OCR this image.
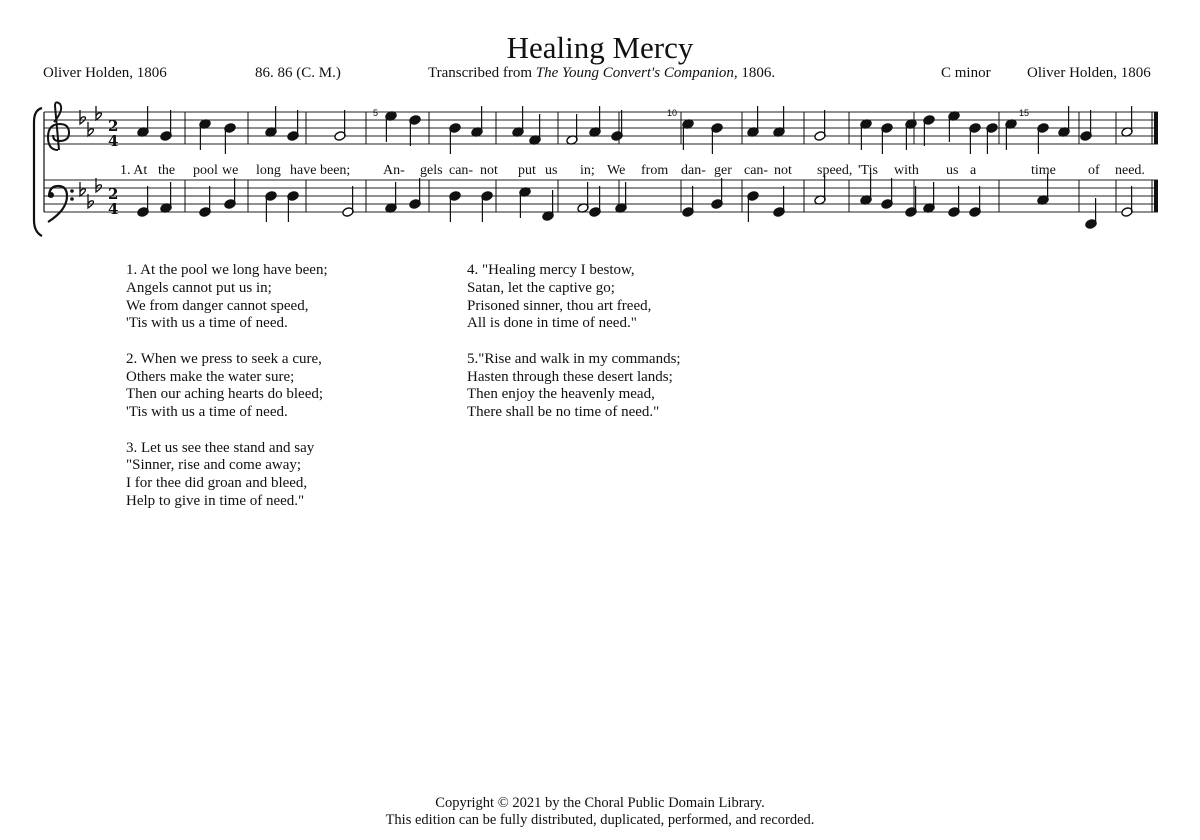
Healing Mercy
Oliver Holden, 1806	86. 86 (C. M.)	Transcribed from The Young Convert's Companion, 1806.	C minor Oliver Holden, 1806
2
4
2
4
5	10	15
1. At the pool we long have been; An- gels can- not put us in; We from dan- ger can- not speed, 'Tis with us a	time of need.
1. At the pool we long have been;
Angels cannot put us in;
We from danger cannot speed,
'Tis with us a time of need.
2. When we press to seek a cure,
Others make the water sure;
Then our aching hearts do bleed;
'Tis with us a time of need.
3. Let us see thee stand and say
"Sinner, rise and come away;
I for thee did groan and bleed,
Help to give in time of need."
4. "Healing mercy I bestow,
Satan, let the captive go;
Prisoned sinner, thou art freed,
All is done in time of need."
5."Rise and walk in my commands;
Hasten through these desert lands;
Then enjoy the heavenly mead,
There shall be no time of need."
Copyright © 2021 by the Choral Public Domain Library.
This edition can be fully distributed, duplicated, performed, and recorded.
